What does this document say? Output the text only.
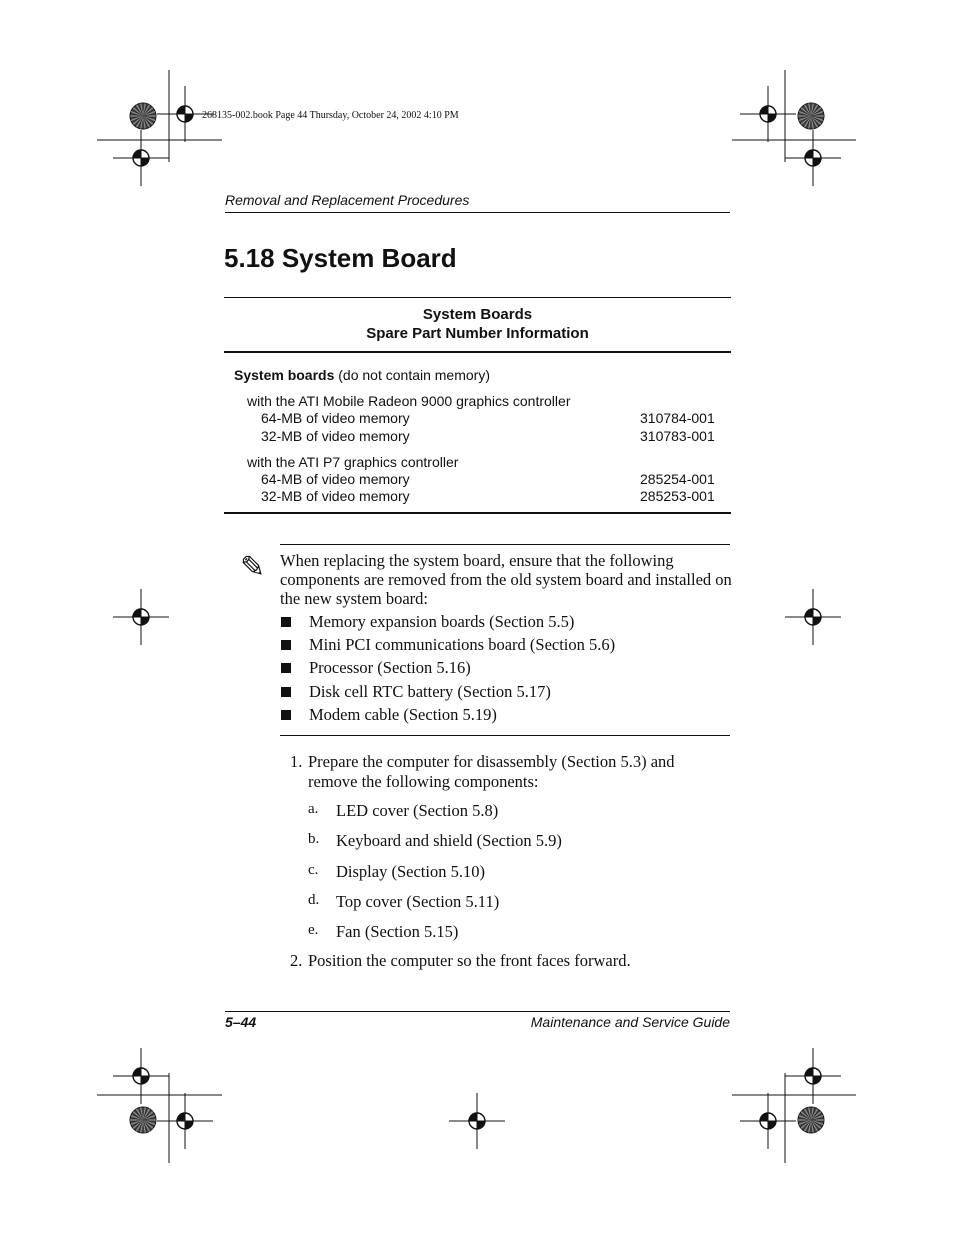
268135-002.book Page 44 Thursday, October 24, 2002 4:10 PM
Removal and Replacement Procedures
5.18 System Board
System Boards
Spare Part Number Information
System boards (do not contain memory)
with the ATI Mobile Radeon 9000 graphics controller
64-MB of video memory	310784-001
32-MB of video memory	310783-001
with the ATI P7 graphics controller
64-MB of video memory	285254-001
32-MB of video memory	285253-001
✎ When replacing the system board, ensure that the following components are removed from the old system board and installed on the new system board:
Memory expansion boards (Section 5.5)
Mini PCI communications board (Section 5.6)
Processor (Section 5.16)
Disk cell RTC battery (Section 5.17)
Modem cable (Section 5.19)
1. Prepare the computer for disassembly (Section 5.3) and remove the following components:
a. LED cover (Section 5.8)
b. Keyboard and shield (Section 5.9)
c. Display (Section 5.10)
d. Top cover (Section 5.11)
e. Fan (Section 5.15)
2. Position the computer so the front faces forward.
5–44	Maintenance and Service Guide
